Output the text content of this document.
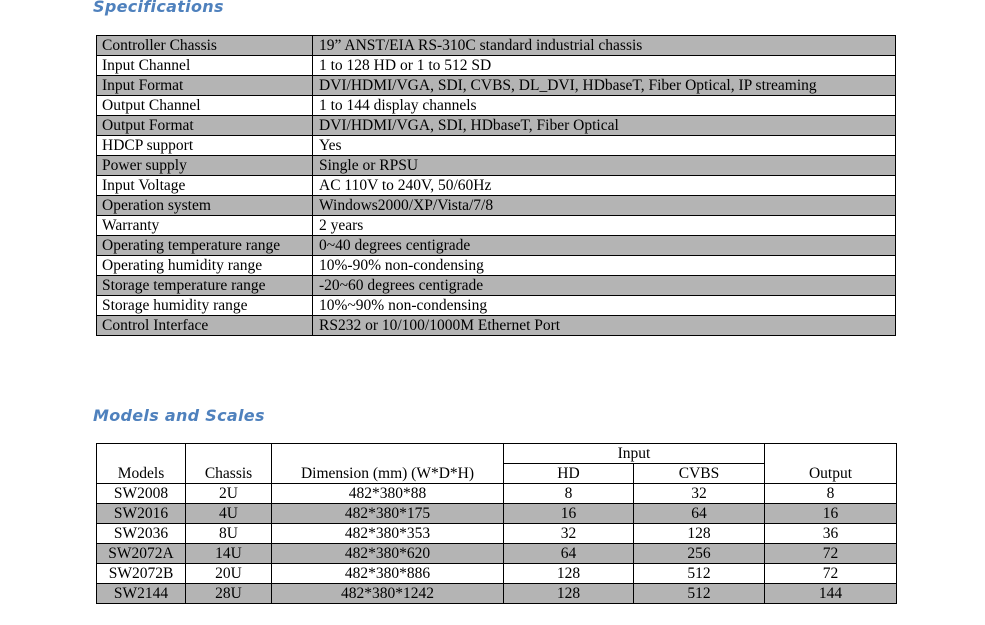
Specifications
Controller Chassis	19” ANST/EIA RS-310C standard industrial chassis
Input Channel	1 to 128 HD or 1 to 512 SD
Input Format	DVI/HDMI/VGA, SDI, CVBS, DL_DVI, HDbaseT, Fiber Optical, IP streaming
Output Channel	1 to 144 display channels
Output Format	DVI/HDMI/VGA, SDI, HDbaseT, Fiber Optical
HDCP support	Yes
Power supply	Single or RPSU
Input Voltage	AC 110V to 240V, 50/60Hz
Operation system	Windows2000/XP/Vista/7/8
Warranty	2 years
Operating temperature range	0~40 degrees centigrade
Operating humidity range	10%-90% non-condensing
Storage temperature range	-20~60 degrees centigrade
Storage humidity range	10%~90% non-condensing
Control Interface	RS232 or 10/100/1000M Ethernet Port
Models and Scales
Models	Chassis	Dimension (mm) (W*D*H)	Input		Output
			HD	CVBS	
SW2008	2U	482*380*88	8	32	8
SW2016	4U	482*380*175	16	64	16
SW2036	8U	482*380*353	32	128	36
SW2072A	14U	482*380*620	64	256	72
SW2072B	20U	482*380*886	128	512	72
SW2144	28U	482*380*1242	128	512	144
